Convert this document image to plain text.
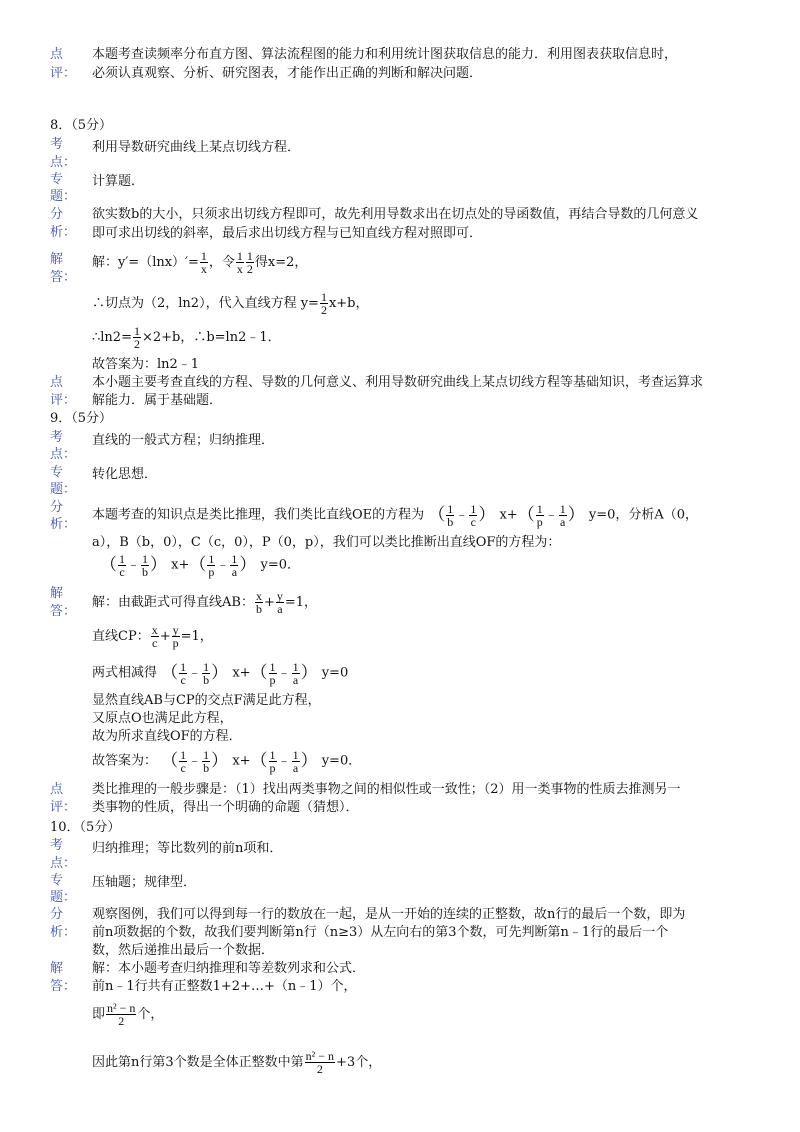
点
评：
本题考查读频率分布直方图、算法流程图的能力和利用统计图获取信息的能力．利用图表获取信息时，
必须认真观察、分析、研究图表，才能作出正确的判断和解决问题．
8．（5分）
考
点：
利用导数研究曲线上某点切线方程．
专
题：
计算题．
分
析：
欲实数b的大小，只须求出切线方程即可，故先利用导数求出在切点处的导函数值，再结合导数的几何意义
即可求出切线的斜率，最后求出切线方程与已知直线方程对照即可．
解
答：
解：$y'=(\ln x)'= \frac{1}{x}$ ，令 $\frac{1}{x} \frac{1}{2}$ 得x=2，
∴切点为（2，ln2），代入直线方程 $y= \frac{1}{2} x+b$，
∴ln2= $\frac{1}{2} \times 2+b$，∴b=ln2﹣1．
故答案为：ln2﹣1
点
评：
本小题主要考查直线的方程、导数的几何意义、利用导数研究曲线上某点切线方程等基础知识，考查运算求
解能力．属于基础题．
9．（5分）
考
点：
直线的一般式方程；归纳推理．
专
题：
转化思想．
分
析：
本题考查的知识点是类比推理，我们类比直线OE的方程为 （ $\frac{1}{b}$ ﹣ $\frac{1}{c}$ ） $x+( \frac{1}{p}$ ﹣ $\frac{1}{a}$ ） y=0，分析A（0，
a），B（b，0），C（c，0），P（0，p），我们可以类比推断出直线OF的方程为：
（ $\frac{1}{c}$ ﹣ $\frac{1}{b}$ ） $x+( \frac{1}{p}$ ﹣ $\frac{1}{a}$ ） y=0．
解
答：
解：由截距式可得直线AB： $\frac{x}{b} + \frac{y}{a} =1$，
直线CP： $\frac{x}{c} + \frac{y}{p} =1$，
两式相减得 （ $\frac{1}{c}$ ﹣ $\frac{1}{b}$ ） $x+( \frac{1}{p}$ ﹣ $\frac{1}{a}$ ） y=0
显然直线AB与CP的交点F满足此方程，
又原点O也满足此方程，
故为所求直线OF的方程．
故答案为： （ $\frac{1}{c}$ ﹣ $\frac{1}{b}$ ） $x+( \frac{1}{p}$ ﹣ $\frac{1}{a}$ ） y=0．
点
评：
类比推理的一般步骤是：（1）找出两类事物之间的相似性或一致性；（2）用一类事物的性质去推测另一
类事物的性质，得出一个明确的命题（猜想）．
10．（5分）
考
点：
归纳推理；等比数列的前n项和．
专
题：
压轴题；规律型．
分
析：
观察图例，我们可以得到每一行的数放在一起，是从一开始的连续的正整数，故n行的最后一个数，即为
前n项数据的个数，故我们要判断第n行（n≥3）从左向右的第3个数，可先判断第n﹣1行的最后一个
数，然后递推出最后一个数据．
解
答：
解：本小题考查归纳推理和等差数列求和公式．
前n﹣1行共有正整数1+2+…+（n﹣1）个，
即 $\frac{\text{n² − n}}{2}$ 个，
因此第n行第3个数是全体正整数中第 $\frac{\text{n² − n}}{2} +3$个，
